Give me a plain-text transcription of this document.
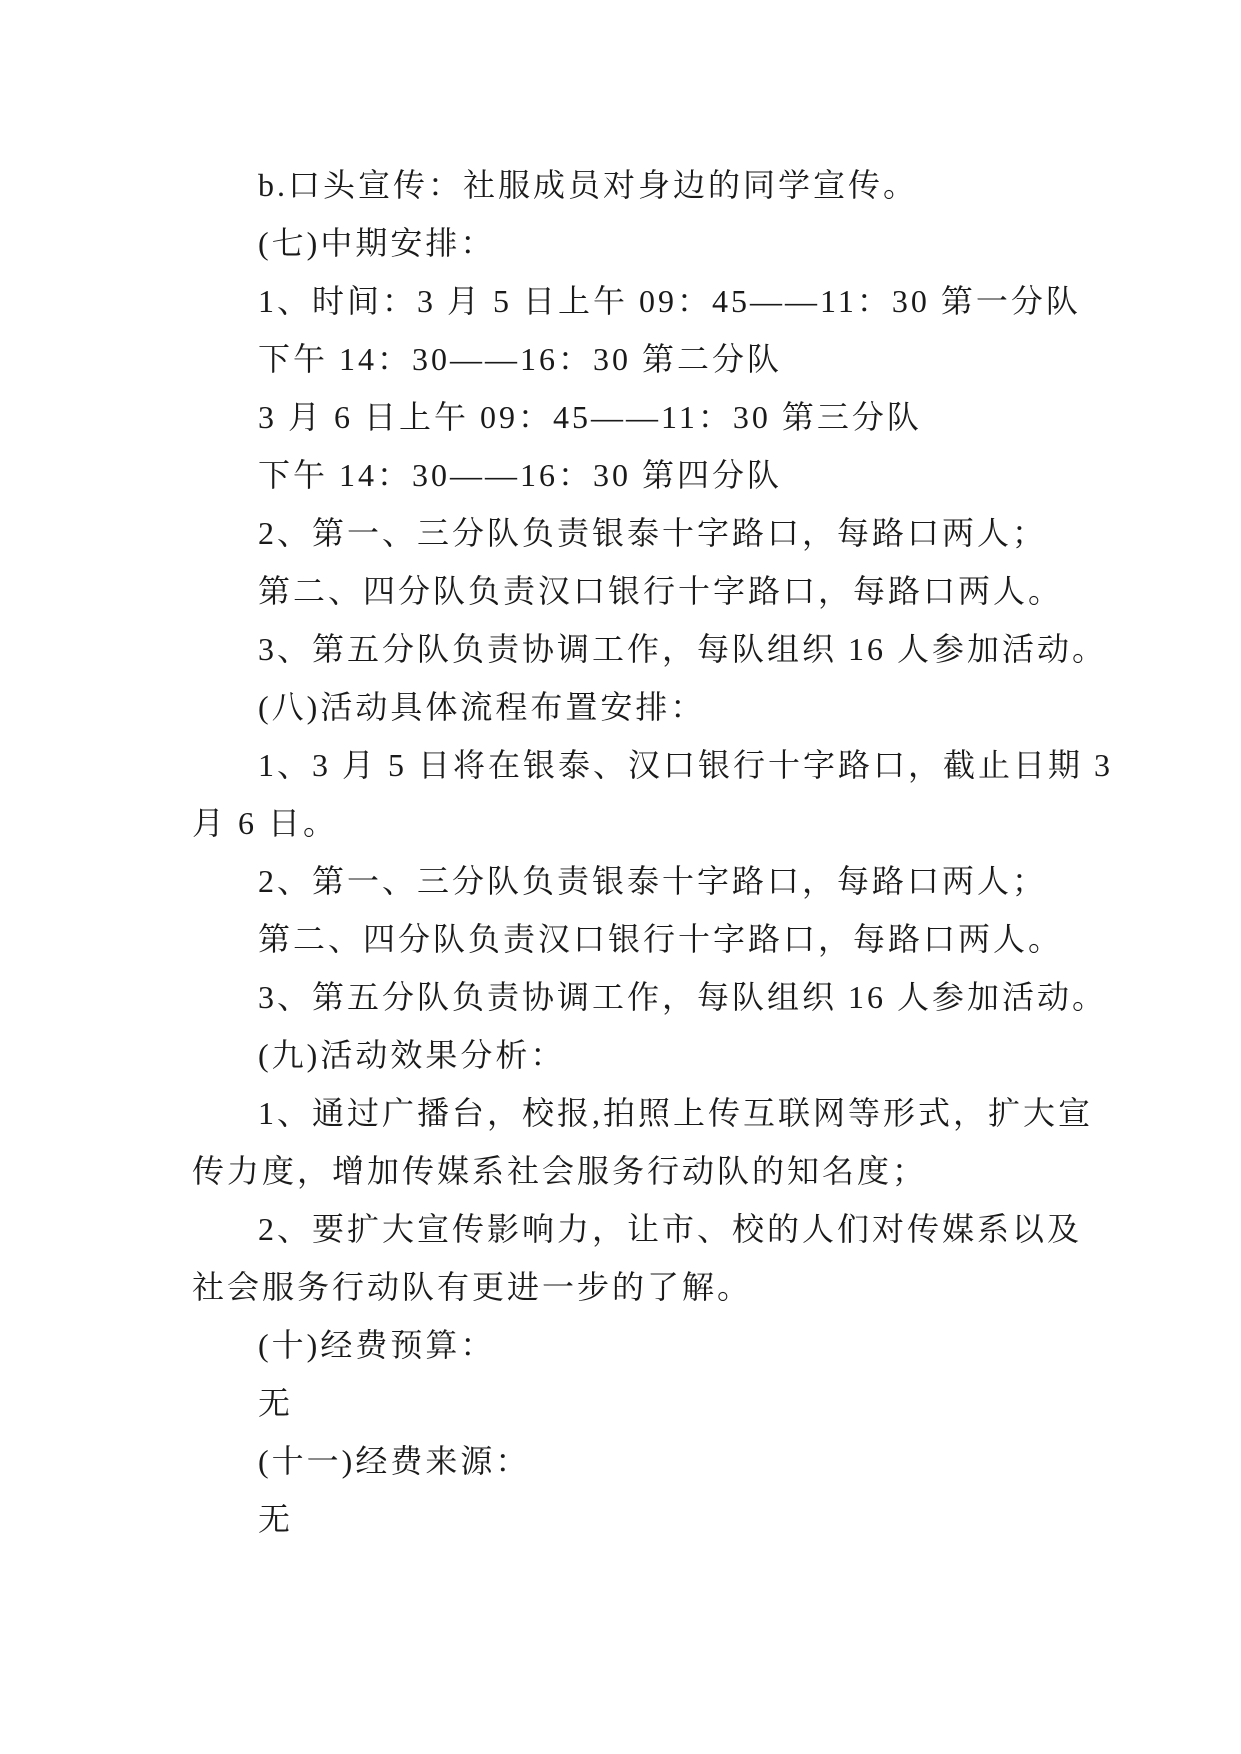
b.口头宣传：社服成员对身边的同学宣传。
(七)中期安排：
1、时间：3 月 5 日上午 09：45——11：30 第一分队
下午 14：30——16：30 第二分队
3 月 6 日上午 09：45——11：30 第三分队
下午 14：30——16：30 第四分队
2、第一、三分队负责银泰十字路口，每路口两人；
第二、四分队负责汉口银行十字路口，每路口两人。
3、第五分队负责协调工作，每队组织 16 人参加活动。
(八)活动具体流程布置安排：
1、3 月 5 日将在银泰、汉口银行十字路口，截止日期 3
月 6 日。
2、第一、三分队负责银泰十字路口，每路口两人；
第二、四分队负责汉口银行十字路口，每路口两人。
3、第五分队负责协调工作，每队组织 16 人参加活动。
(九)活动效果分析：
1、通过广播台，校报,拍照上传互联网等形式，扩大宣
传力度，增加传媒系社会服务行动队的知名度；
2、要扩大宣传影响力，让市、校的人们对传媒系以及
社会服务行动队有更进一步的了解。
(十)经费预算：
无
(十一)经费来源：
无
